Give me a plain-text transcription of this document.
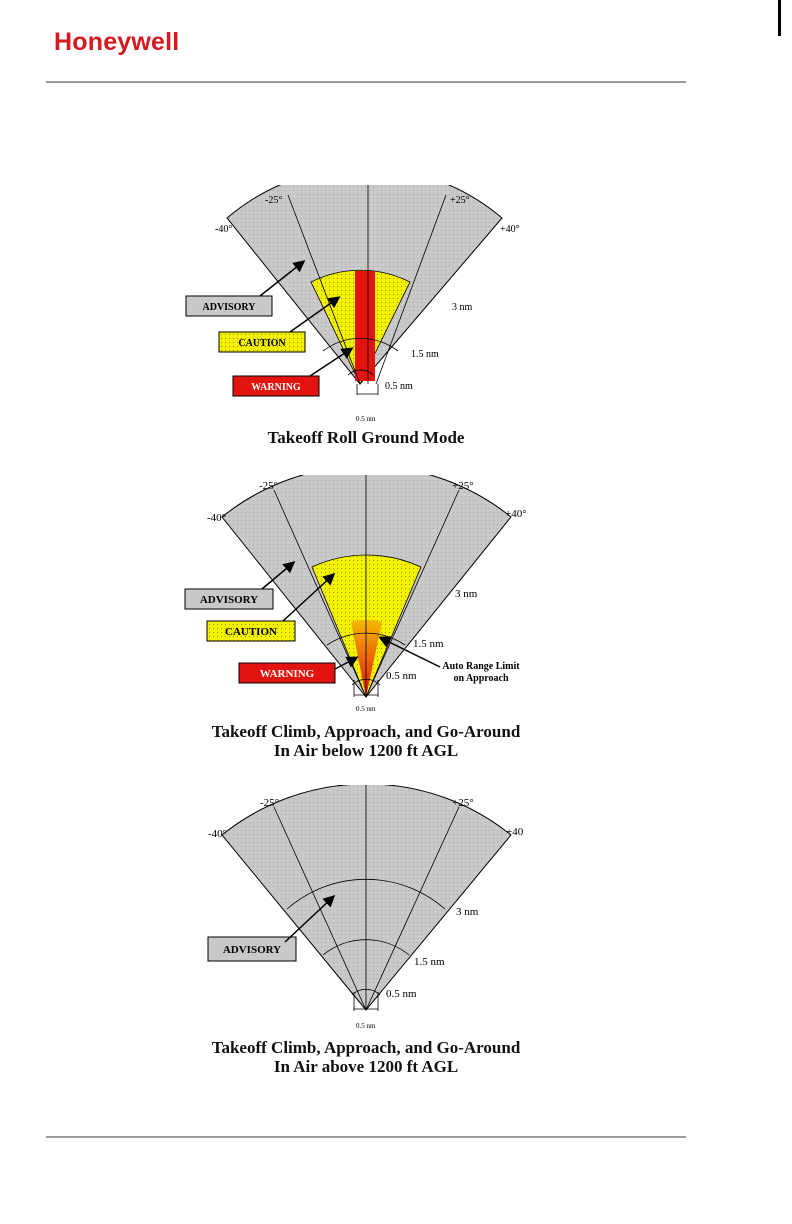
Honeywell
-40°
-25°	+25°
+40°
3 nm
1.5 nm
0.5 nm
0.5 nm
ADVISORY
CAUTION
WARNING
Takeoff Roll Ground Mode
-40°
-25°	+25°
+40°
3 nm
1.5 nm
0.5 nm
0.5 nm
ADVISORY
CAUTION
WARNING
Auto Range Limit
on Approach
Takeoff Climb, Approach, and Go-Around
In Air below 1200 ft AGL
-40°
-25°	+25°
+40
3 nm
1.5 nm
0.5 nm
0.5 nm
ADVISORY
Takeoff Climb, Approach, and Go-Around
In Air above 1200 ft AGL
